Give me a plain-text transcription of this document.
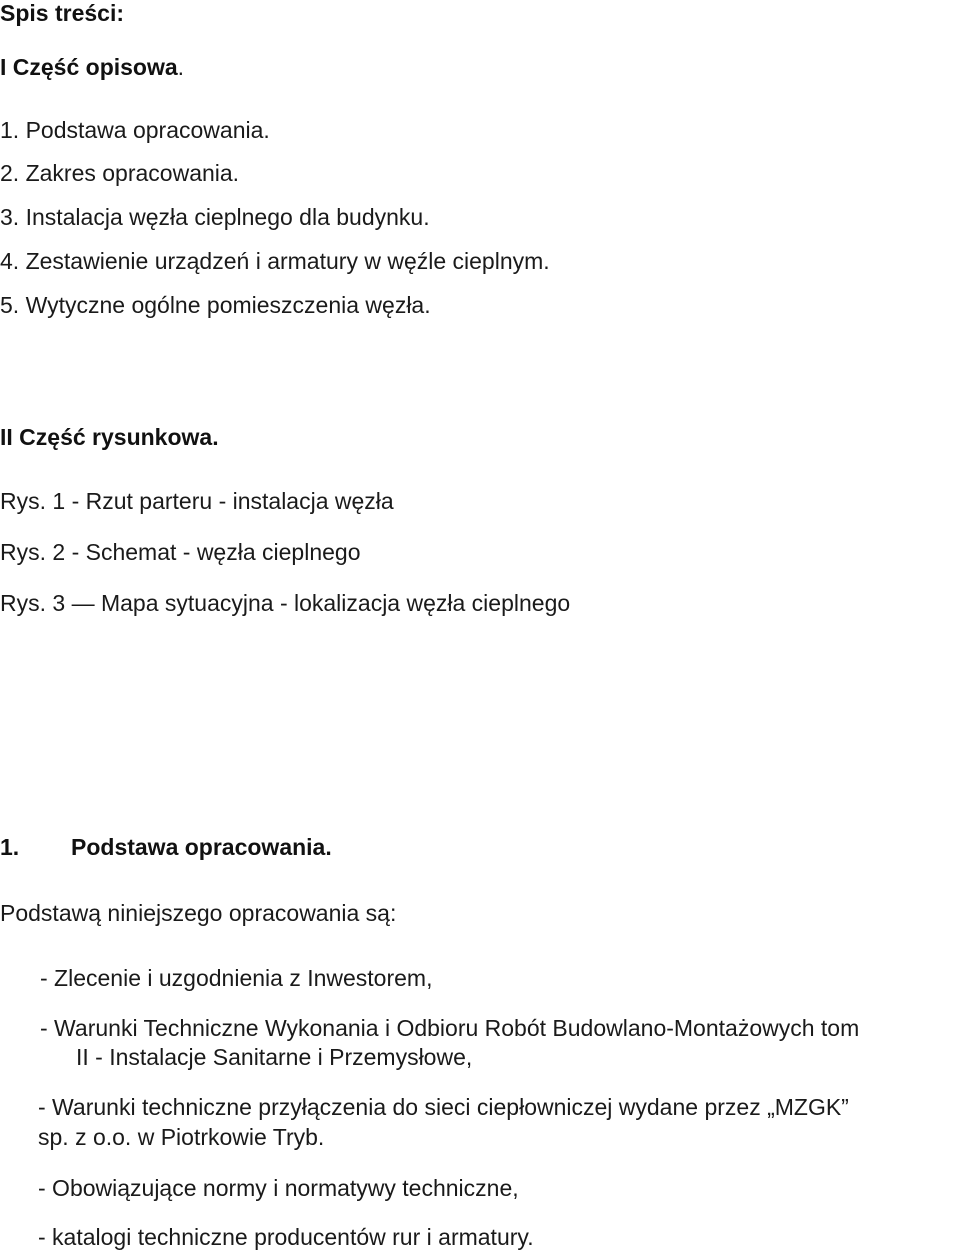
Spis treści:
I Część opisowa.
1. Podstawa opracowania.
2. Zakres opracowania.
3. Instalacja węzła cieplnego dla budynku.
4. Zestawienie urządzeń i armatury w węźle cieplnym.
5. Wytyczne ogólne pomieszczenia węzła.
II Część rysunkowa.
Rys. 1 - Rzut parteru - instalacja węzła
Rys. 2 - Schemat - węzła cieplnego
Rys. 3 — Mapa sytuacyjna - lokalizacja węzła cieplnego
1. Podstawa opracowania.
Podstawą niniejszego opracowania są:
- Zlecenie i uzgodnienia z Inwestorem,
- Warunki Techniczne Wykonania i Odbioru Robót Budowlano-Montażowych tom
II - Instalacje Sanitarne i Przemysłowe,
- Warunki techniczne przyłączenia do sieci ciepłowniczej wydane przez „MZGK”
sp. z o.o. w Piotrkowie Tryb.
- Obowiązujące normy i normatywy techniczne,
- katalogi techniczne producentów rur i armatury.
